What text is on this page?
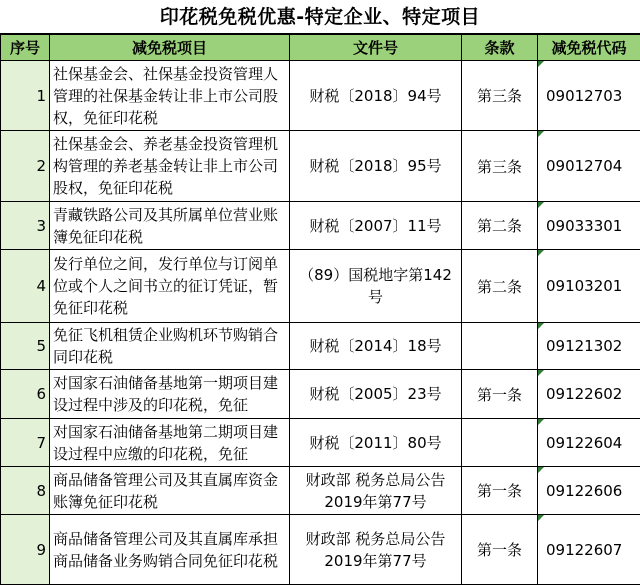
印花税免税优惠-特定企业、特定项目
序号	减免税项目	文件号	条款	减免税代码
1	社保基金会、社保基金投资管理人管理的社保基金转让非上市公司股权，免征印花税	财税〔2018〕94号	第三条	09012703
2	社保基金会、养老基金投资管理机构管理的养老基金转让非上市公司股权，免征印花税	财税〔2018〕95号	第三条	09012704
3	青藏铁路公司及其所属单位营业账簿免征印花税	财税〔2007〕11号	第二条	09033301
4	发行单位之间，发行单位与订阅单位或个人之间书立的征订凭证，暂免征印花税	（89）国税地字第142号	第二条	09103201
5	免征飞机租赁企业购机环节购销合同印花税	财税〔2014〕18号		09121302
6	对国家石油储备基地第一期项目建设过程中涉及的印花税，免征	财税〔2005〕23号	第一条	09122602
7	对国家石油储备基地第二期项目建设过程中应缴的印花税，免征	财税〔2011〕80号		09122604
8	商品储备管理公司及其直属库资金账簿免征印花税	财政部 税务总局公告2019年第77号	第一条	09122606
9	商品储备管理公司及其直属库承担商品储备业务购销合同免征印花税	财政部 税务总局公告2019年第77号	第一条	09122607
